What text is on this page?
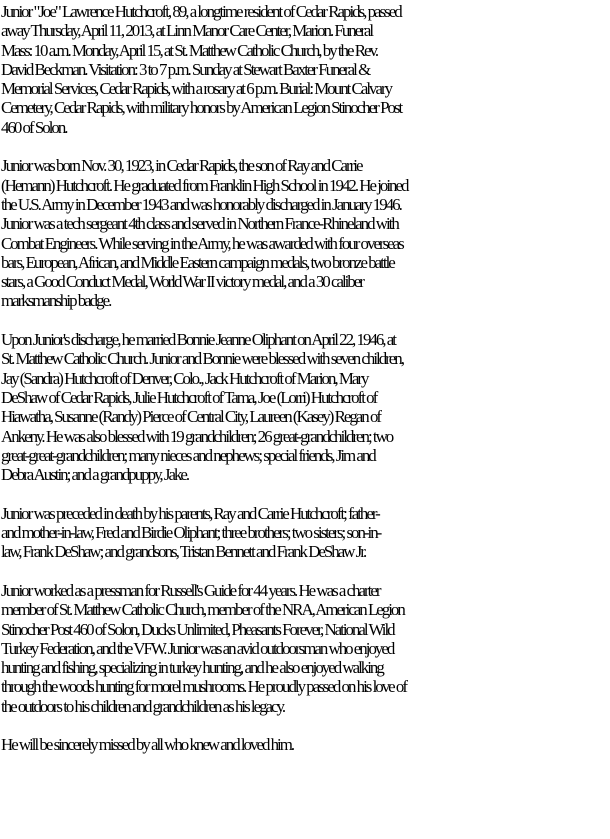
Junior "Joe" Lawrence Hutchcroft, 89, a longtime resident of Cedar Rapids, passed
away Thursday, April 11, 2013, at Linn Manor Care Center, Marion. Funeral
Mass: 10 a.m. Monday, April 15, at St. Matthew Catholic Church, by the Rev.
David Beckman. Visitation: 3 to 7 p.m. Sunday at Stewart Baxter Funeral &
Memorial Services, Cedar Rapids, with a rosary at 6 p.m. Burial: Mount Calvary
Cemetery, Cedar Rapids, with military honors by American Legion Stinocher Post
460 of Solon.

Junior was born Nov. 30, 1923, in Cedar Rapids, the son of Ray and Carrie
(Hemann) Hutchcroft. He graduated from Franklin High School in 1942. He joined
the U.S. Army in December 1943 and was honorably discharged in January 1946.
Junior was a tech sergeant 4th class and served in Northern France-Rhineland with
Combat Engineers. While serving in the Army, he was awarded with four overseas
bars, European, African, and Middle Eastern campaign medals, two bronze battle
stars, a Good Conduct Medal, World War II victory medal, and a 30 caliber
marksmanship badge.

Upon Junior's discharge, he married Bonnie Jeanne Oliphant on April 22, 1946, at
St. Matthew Catholic Church. Junior and Bonnie were blessed with seven children,
Jay (Sandra) Hutchcroft of Denver, Colo., Jack Hutchcroft of Marion, Mary
DeShaw of Cedar Rapids, Julie Hutchcroft of Tama, Joe (Lorri) Hutchcroft of
Hiawatha, Susanne (Randy) Pierce of Central City, Laureen (Kasey) Regan of
Ankeny. He was also blessed with 19 grandchildren; 26 great-grandchildren; two
great-great-grandchildren; many nieces and nephews; special friends, Jim and
Debra Austin; and a grandpuppy, Jake.

Junior was preceded in death by his parents, Ray and Carrie Hutchcroft; father-
and mother-in-law, Fred and Birdie Oliphant; three brothers; two sisters; son-in-
law, Frank DeShaw; and grandsons, Tristan Bennett and Frank DeShaw Jr.

Junior worked as a pressman for Russell's Guide for 44 years. He was a charter
member of St. Matthew Catholic Church, member of the NRA, American Legion
Stinocher Post 460 of Solon, Ducks Unlimited, Pheasants Forever, National Wild
Turkey Federation, and the VFW. Junior was an avid outdoorsman who enjoyed
hunting and fishing, specializing in turkey hunting, and he also enjoyed walking
through the woods hunting for morel mushrooms. He proudly passed on his love of
the outdoors to his children and grandchildren as his legacy.

He will be sincerely missed by all who knew and loved him.
